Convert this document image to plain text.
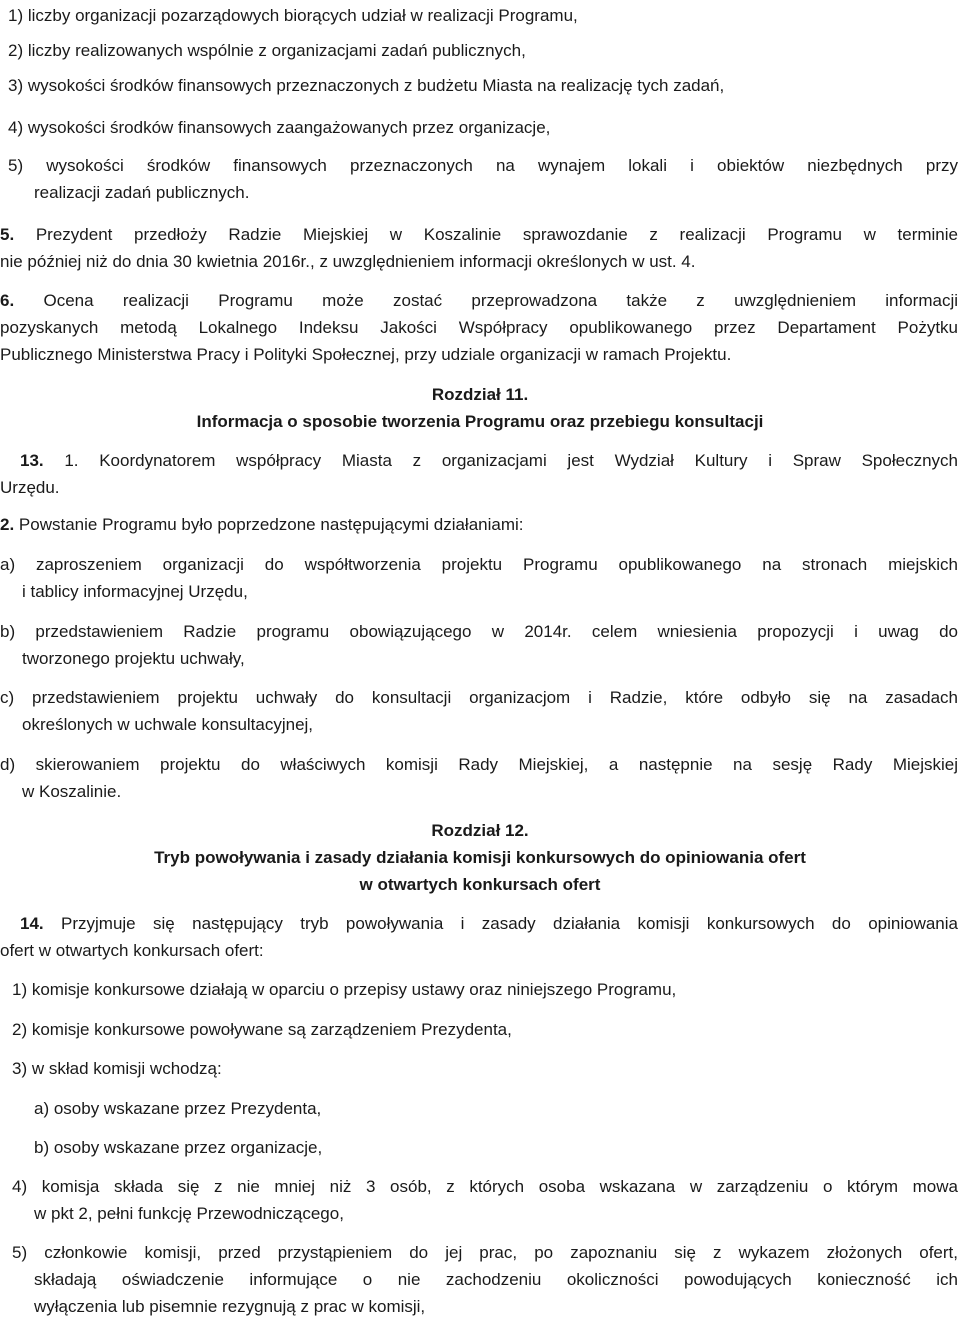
1) liczby organizacji pozarządowych biorących udział w realizacji Programu,
2) liczby realizowanych wspólnie z organizacjami zadań publicznych,
3) wysokości środków finansowych przeznaczonych z budżetu Miasta na realizację tych zadań,
4) wysokości środków finansowych zaangażowanych przez organizacje,
5) wysokości środków finansowych przeznaczonych na wynajem lokali i obiektów niezbędnych przy
realizacji zadań publicznych.
5. Prezydent przedłoży Radzie Miejskiej w Koszalinie sprawozdanie z realizacji Programu w terminie
nie później niż do dnia 30 kwietnia 2016r., z uwzględnieniem informacji określonych w ust. 4.
6. Ocena realizacji Programu może zostać przeprowadzona także z uwzględnieniem informacji
pozyskanych metodą Lokalnego Indeksu Jakości Współpracy opublikowanego przez Departament Pożytku
Publicznego Ministerstwa Pracy i Polityki Społecznej, przy udziale organizacji w ramach Projektu.
Rozdział 11.
Informacja o sposobie tworzenia Programu oraz przebiegu konsultacji
13. 1. Koordynatorem współpracy Miasta z organizacjami jest Wydział Kultury i Spraw Społecznych
Urzędu.
2. Powstanie Programu było poprzedzone następującymi działaniami:
a) zaproszeniem organizacji do współtworzenia projektu Programu opublikowanego na stronach miejskich
i tablicy informacyjnej Urzędu,
b) przedstawieniem Radzie programu obowiązującego w 2014r. celem wniesienia propozycji i uwag do
tworzonego projektu uchwały,
c) przedstawieniem projektu uchwały do konsultacji organizacjom i Radzie, które odbyło się na zasadach
określonych w uchwale konsultacyjnej,
d) skierowaniem projektu do właściwych komisji Rady Miejskiej, a następnie na sesję Rady Miejskiej
w Koszalinie.
Rozdział 12.
Tryb powoływania i zasady działania komisji konkursowych do opiniowania ofert
w otwartych konkursach ofert
14. Przyjmuje się następujący tryb powoływania i zasady działania komisji konkursowych do opiniowania
ofert w otwartych konkursach ofert:
1) komisje konkursowe działają w oparciu o przepisy ustawy oraz niniejszego Programu,
2) komisje konkursowe powoływane są zarządzeniem Prezydenta,
3) w skład komisji wchodzą:
a) osoby wskazane przez Prezydenta,
b) osoby wskazane przez organizacje,
4) komisja składa się z nie mniej niż 3 osób, z których osoba wskazana w zarządzeniu o którym mowa
w pkt 2, pełni funkcję Przewodniczącego,
5) członkowie komisji, przed przystąpieniem do jej prac, po zapoznaniu się z wykazem złożonych ofert,
składają oświadczenie informujące o nie zachodzeniu okoliczności powodujących konieczność ich
wyłączenia lub pisemnie rezygnują z prac w komisji,
